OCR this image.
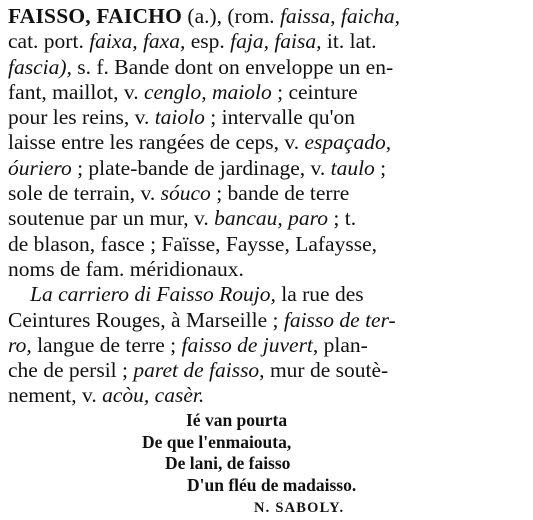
FAISSO, FAICHO (a.), (rom. faissa, faicha,
cat. port. faixa, faxa, esp. faja, faisa, it. lat.
fascia), s. f. Bande dont on enveloppe un en-
fant, maillot, v. cenglo, maiolo ; ceinture
pour les reins, v. taiolo ; intervalle qu'on
laisse entre les rangées de ceps, v. espaçado,
óuriero ; plate-bande de jardinage, v. taulo ;
sole de terrain, v. sóuco ; bande de terre
soutenue par un mur, v. bancau, paro ; t.
de blason, fasce ; Faïsse, Faysse, Lafaysse,
noms de fam. méridionaux.
La carriero di Faisso Roujo, la rue des
Ceintures Rouges, à Marseille ; faisso de ter-
ro, langue de terre ; faisso de juvert, plan-
che de persil ; paret de faisso, mur de soutè-
nement, v. acòu, casèr.
Ié van pourta
De que l'enmaiouta,
De lani, de faisso
D'un fléu de madaisso.
N. SABOLY.
